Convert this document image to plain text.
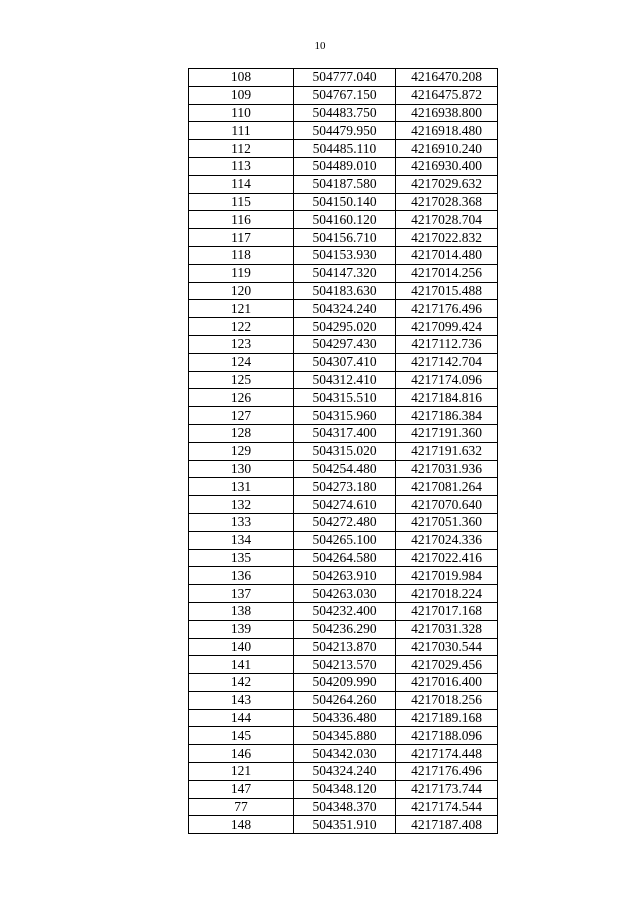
10
108	504777.040	4216470.208
109	504767.150	4216475.872
110	504483.750	4216938.800
111	504479.950	4216918.480
112	504485.110	4216910.240
113	504489.010	4216930.400
114	504187.580	4217029.632
115	504150.140	4217028.368
116	504160.120	4217028.704
117	504156.710	4217022.832
118	504153.930	4217014.480
119	504147.320	4217014.256
120	504183.630	4217015.488
121	504324.240	4217176.496
122	504295.020	4217099.424
123	504297.430	4217112.736
124	504307.410	4217142.704
125	504312.410	4217174.096
126	504315.510	4217184.816
127	504315.960	4217186.384
128	504317.400	4217191.360
129	504315.020	4217191.632
130	504254.480	4217031.936
131	504273.180	4217081.264
132	504274.610	4217070.640
133	504272.480	4217051.360
134	504265.100	4217024.336
135	504264.580	4217022.416
136	504263.910	4217019.984
137	504263.030	4217018.224
138	504232.400	4217017.168
139	504236.290	4217031.328
140	504213.870	4217030.544
141	504213.570	4217029.456
142	504209.990	4217016.400
143	504264.260	4217018.256
144	504336.480	4217189.168
145	504345.880	4217188.096
146	504342.030	4217174.448
121	504324.240	4217176.496
147	504348.120	4217173.744
77	504348.370	4217174.544
148	504351.910	4217187.408
